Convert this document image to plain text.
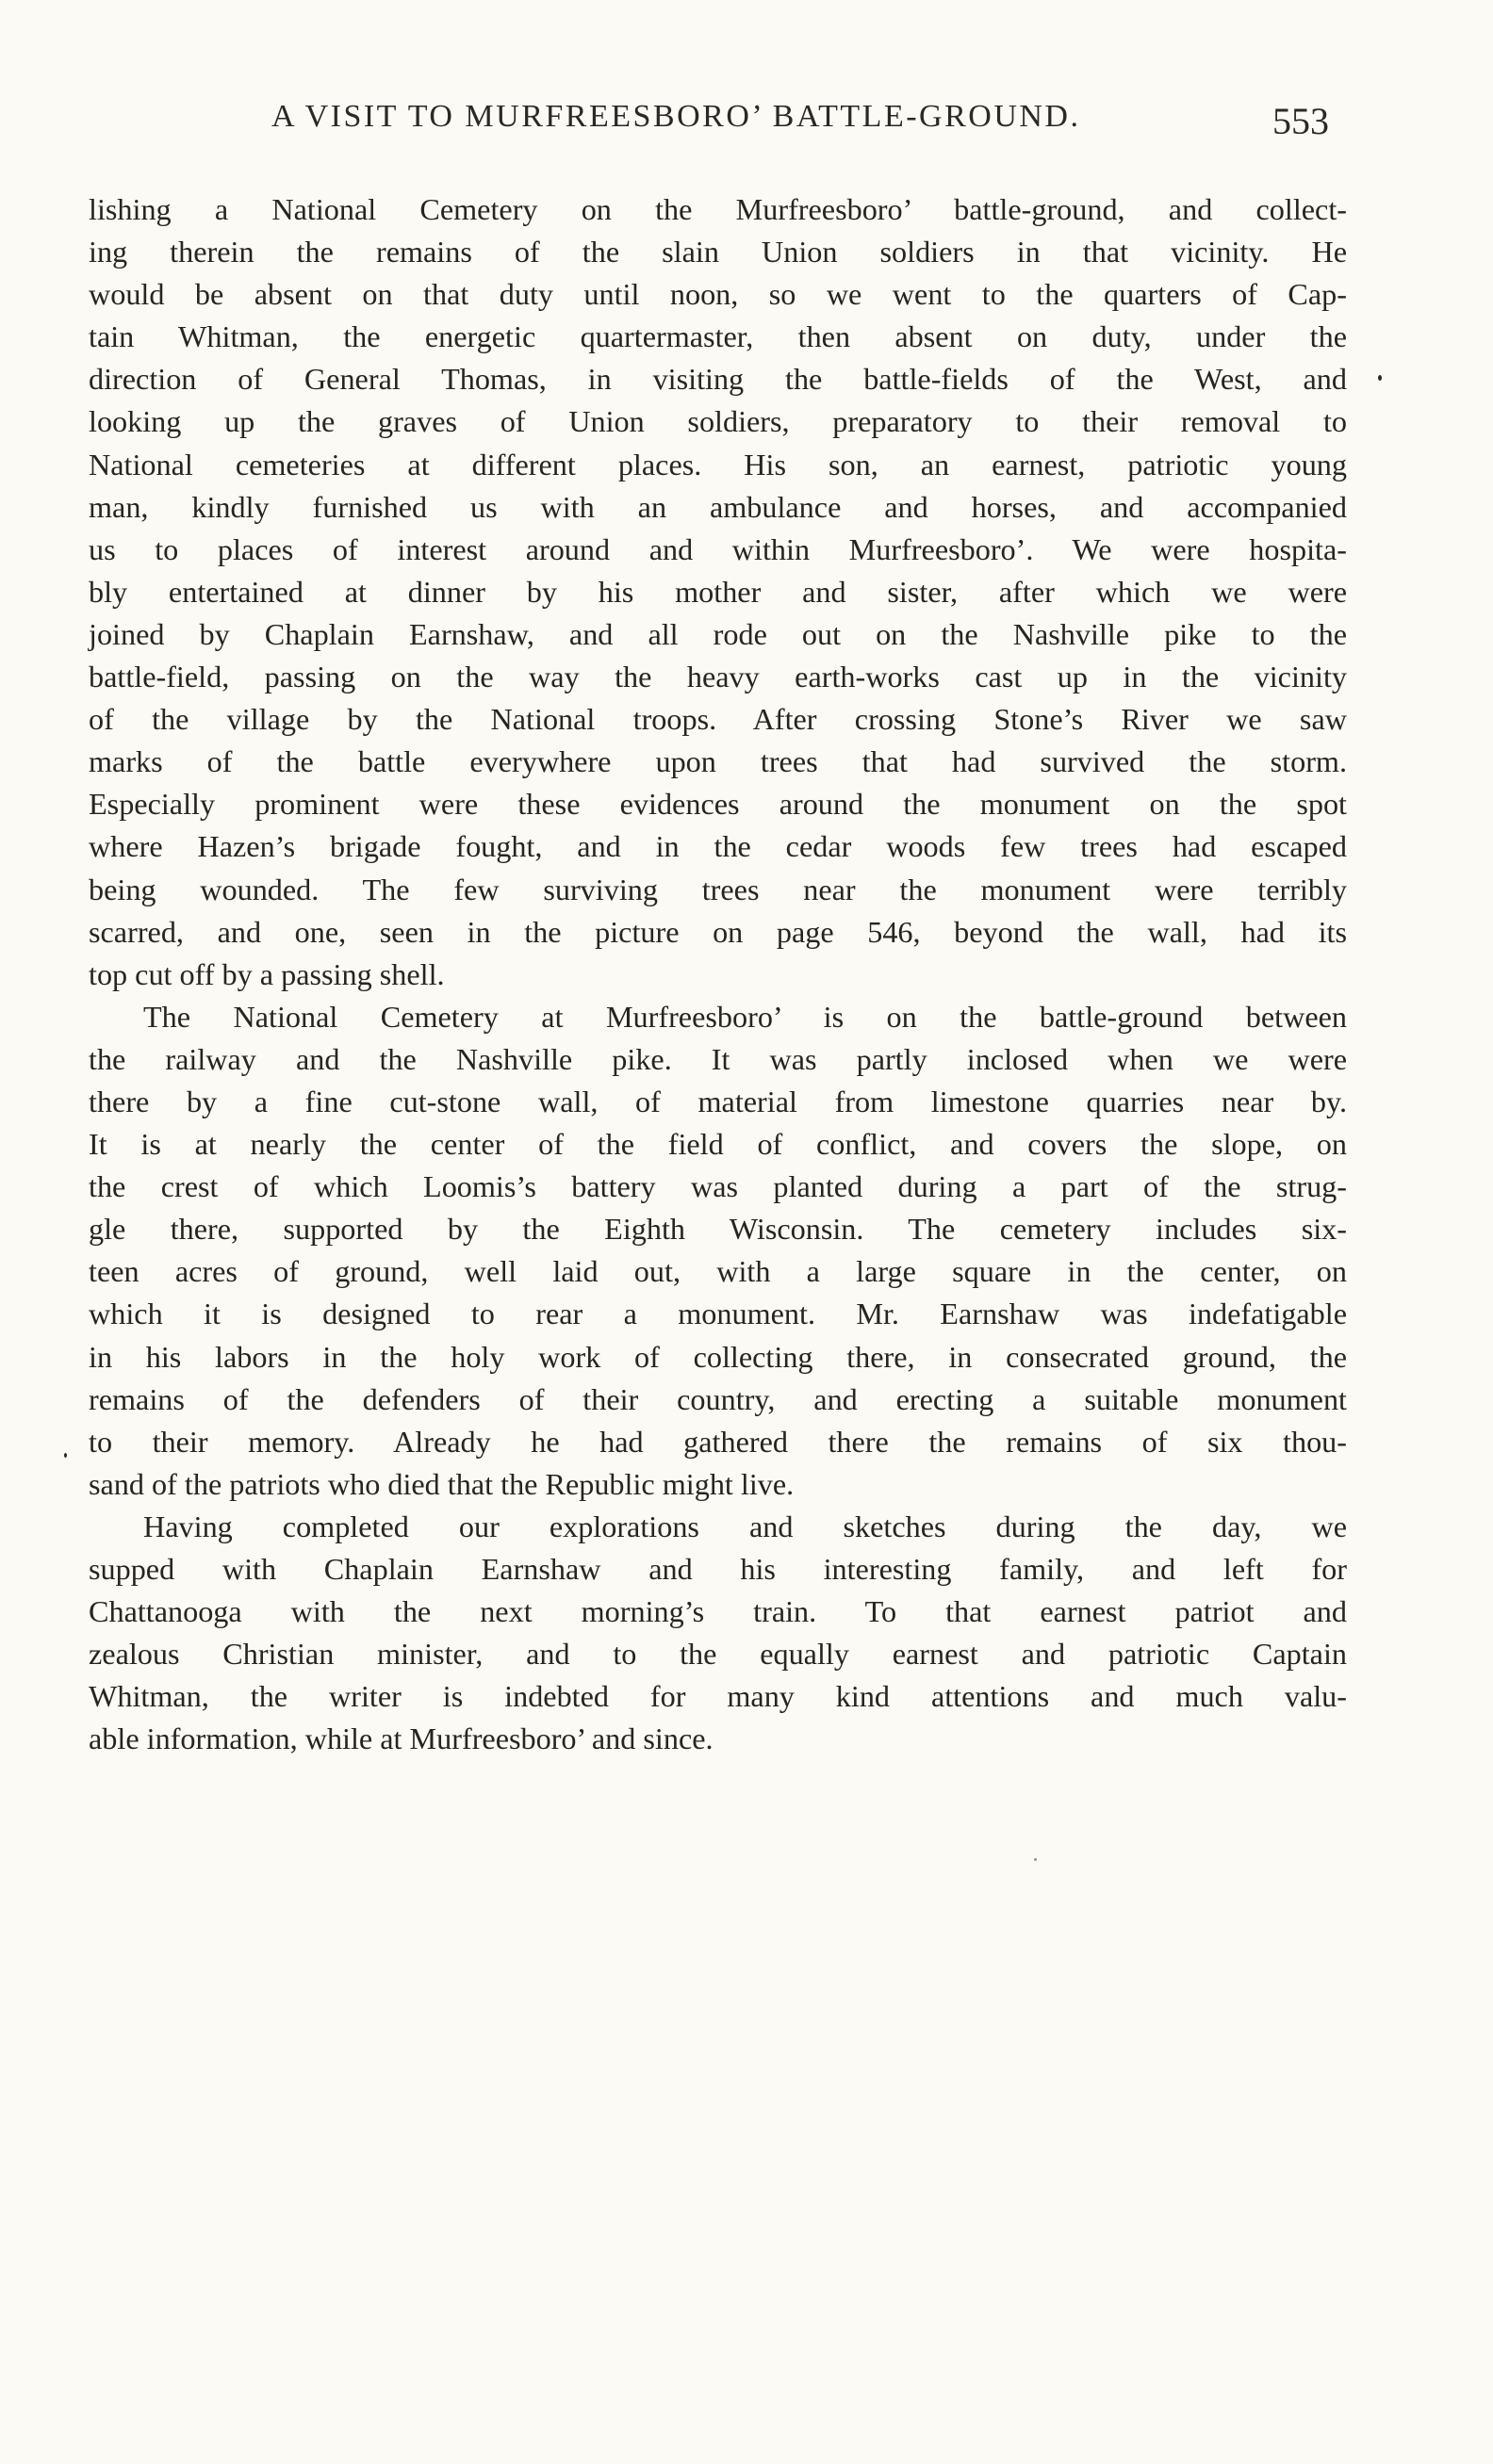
A VISIT TO MURFREESBORO’ BATTLE-GROUND.	553
lishing a National Cemetery on the Murfreesboro’ battle-ground, and collect-
ing therein the remains of the slain Union soldiers in that vicinity. He
would be absent on that duty until noon, so we went to the quarters of Cap-
tain Whitman, the energetic quartermaster, then absent on duty, under the
direction of General Thomas, in visiting the battle-fields of the West, and
looking up the graves of Union soldiers, preparatory to their removal to
National cemeteries at different places. His son, an earnest, patriotic young
man, kindly furnished us with an ambulance and horses, and accompanied
us to places of interest around and within Murfreesboro’. We were hospita-
bly entertained at dinner by his mother and sister, after which we were
joined by Chaplain Earnshaw, and all rode out on the Nashville pike to the
battle-field, passing on the way the heavy earth-works cast up in the vicinity
of the village by the National troops. After crossing Stone’s River we saw
marks of the battle everywhere upon trees that had survived the storm.
Especially prominent were these evidences around the monument on the spot
where Hazen’s brigade fought, and in the cedar woods few trees had escaped
being wounded. The few surviving trees near the monument were terribly
scarred, and one, seen in the picture on page 546, beyond the wall, had its
top cut off by a passing shell.
The National Cemetery at Murfreesboro’ is on the battle-ground between
the railway and the Nashville pike. It was partly inclosed when we were
there by a fine cut-stone wall, of material from limestone quarries near by.
It is at nearly the center of the field of conflict, and covers the slope, on
the crest of which Loomis’s battery was planted during a part of the strug-
gle there, supported by the Eighth Wisconsin. The cemetery includes six-
teen acres of ground, well laid out, with a large square in the center, on
which it is designed to rear a monument. Mr. Earnshaw was indefatigable
in his labors in the holy work of collecting there, in consecrated ground, the
remains of the defenders of their country, and erecting a suitable monument
to their memory. Already he had gathered there the remains of six thou-
sand of the patriots who died that the Republic might live.
Having completed our explorations and sketches during the day, we
supped with Chaplain Earnshaw and his interesting family, and left for
Chattanooga with the next morning’s train. To that earnest patriot and
zealous Christian minister, and to the equally earnest and patriotic Captain
Whitman, the writer is indebted for many kind attentions and much valu-
able information, while at Murfreesboro’ and since.
